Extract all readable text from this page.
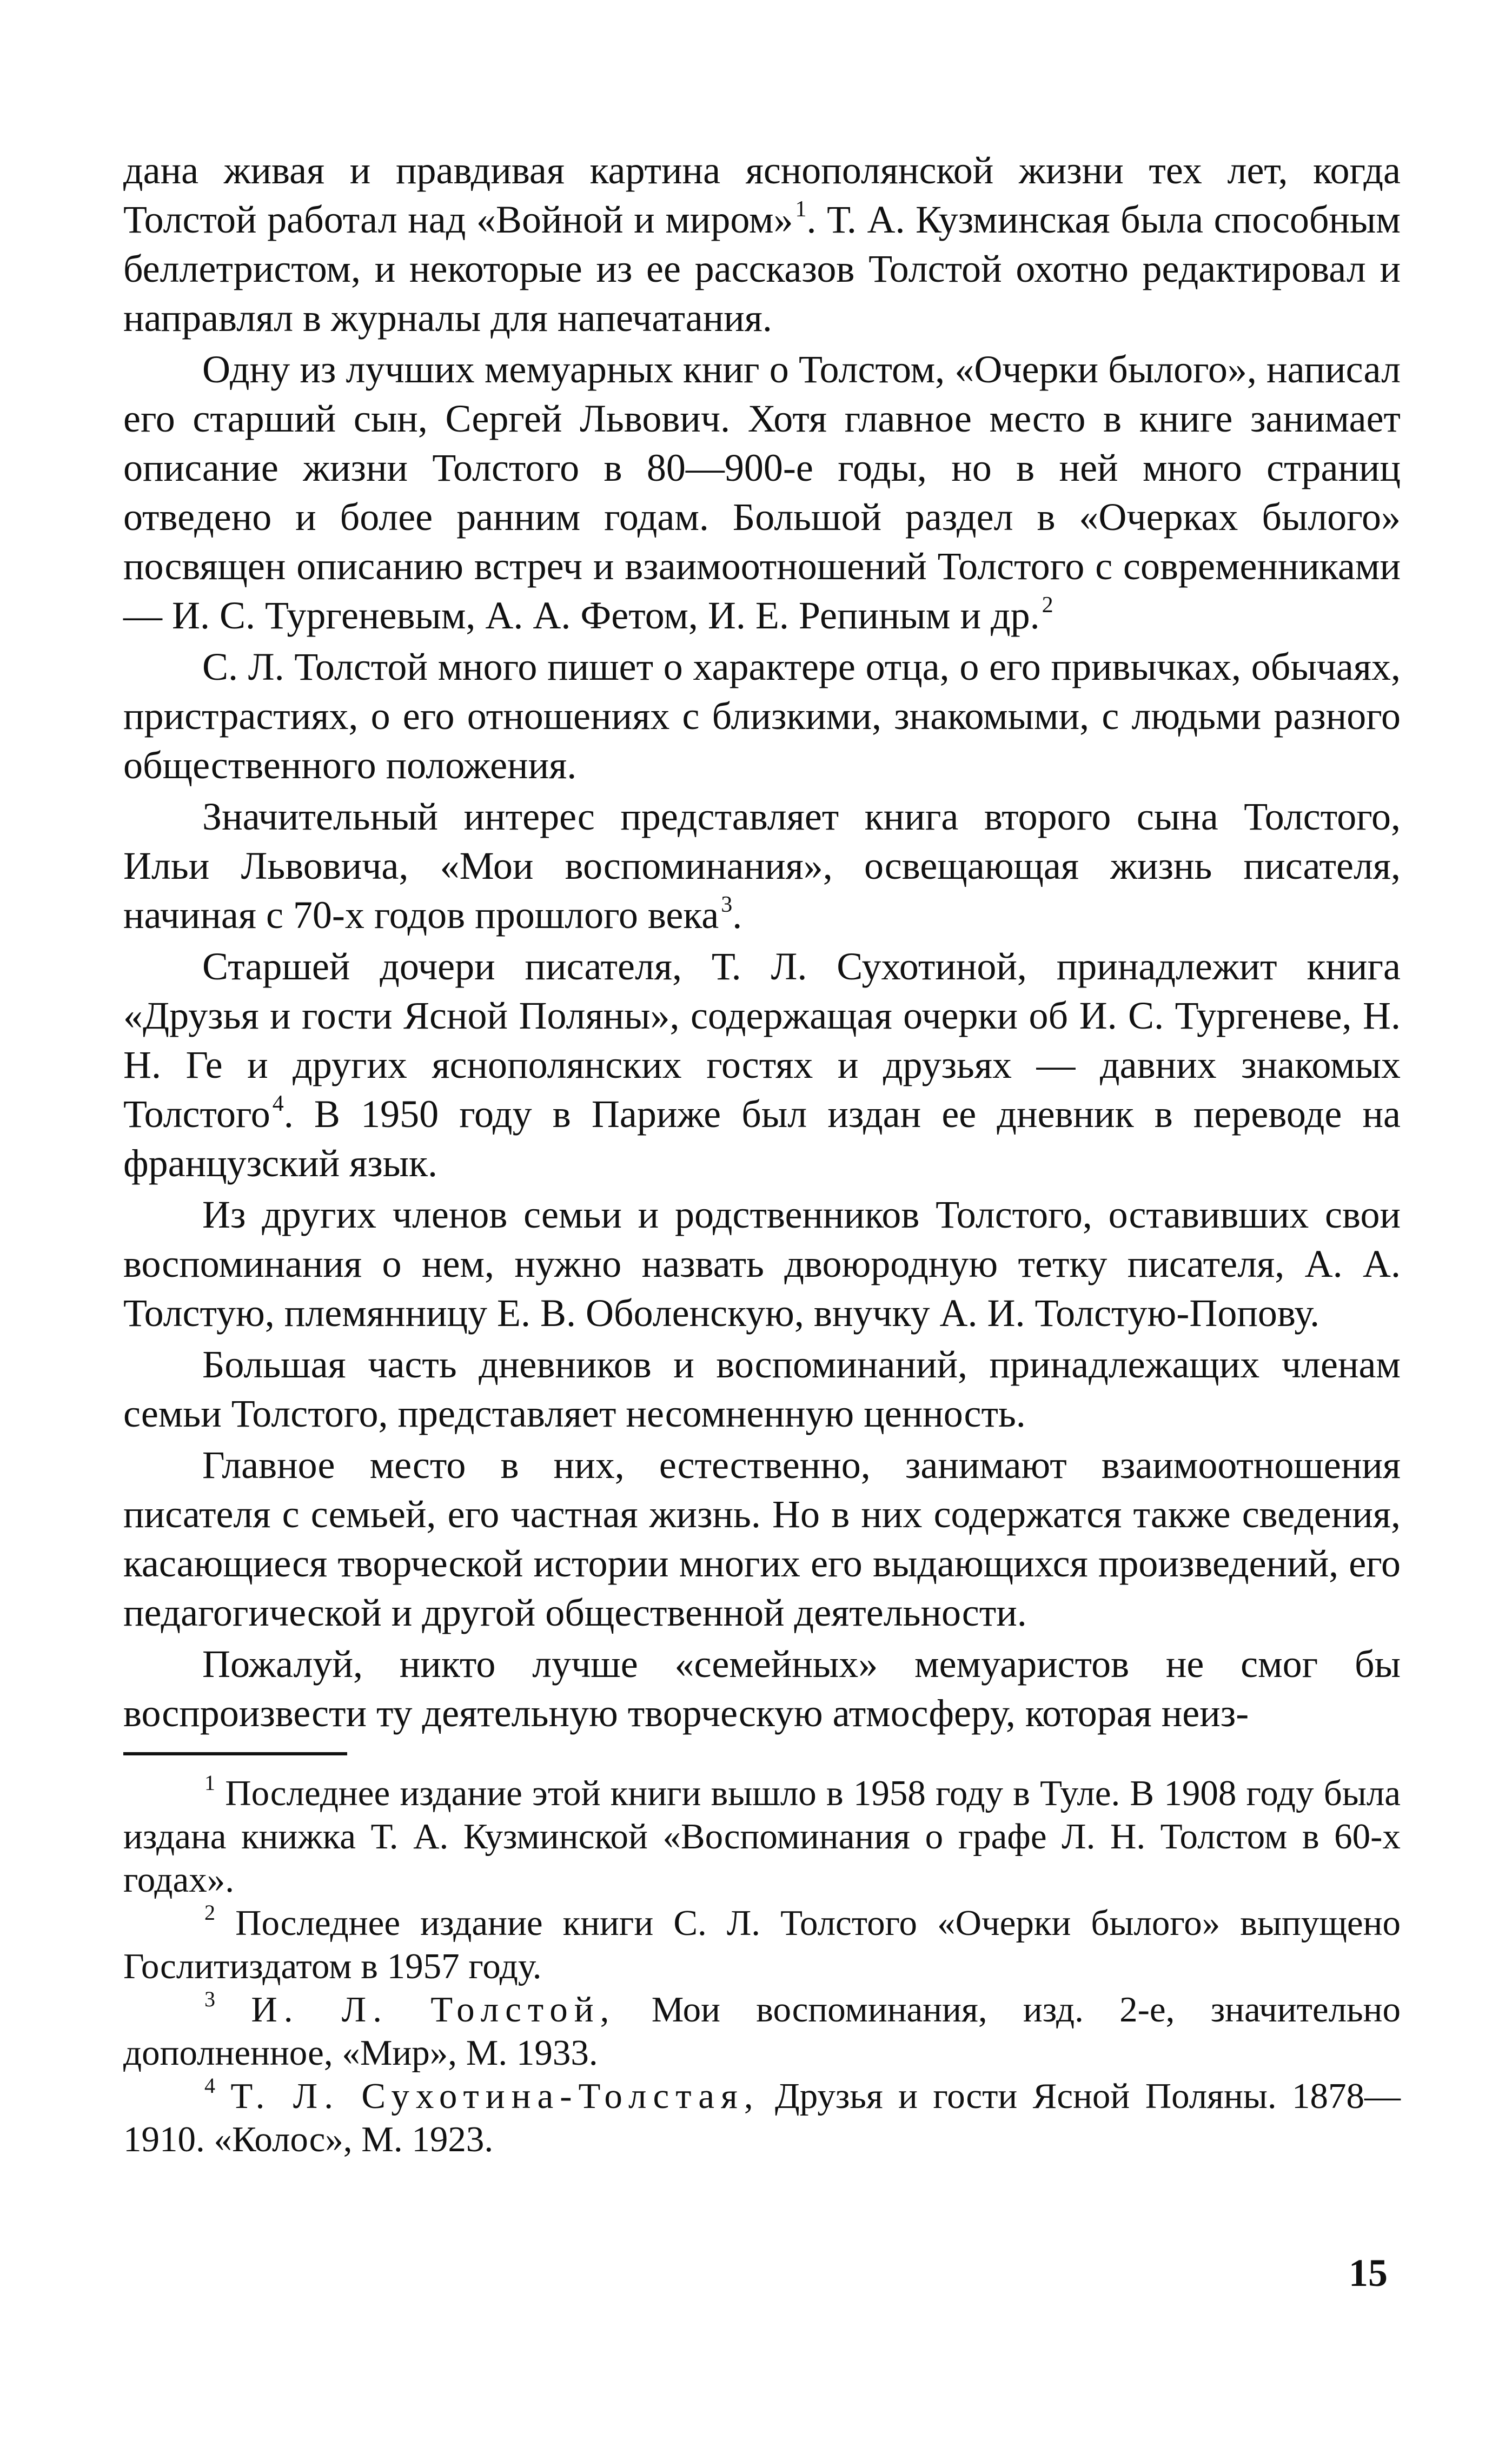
дана живая и правдивая картина яснополянской жизни тех лет, когда Толстой работал над «Войной и миром»$^1$. Т. А. Кузминская была способным беллетристом, и некоторые из ее рассказов Толстой охотно редактировал и направлял в журналы для напечатания.

Одну из лучших мемуарных книг о Толстом, «Очерки былого», написал его старший сын, Сергей Львович. Хотя главное место в книге занимает описание жизни Толстого в 80—900-е годы, но в ней много страниц отведено и более ранним годам. Большой раздел в «Очерках былого» посвящен описанию встреч и взаимоотношений Толстого с современниками — И. С. Тургеневым, А. А. Фетом, И. Е. Репиным и др.$^2$

С. Л. Толстой много пишет о характере отца, о его привычках, обычаях, пристрастиях, о его отношениях с близкими, знакомыми, с людьми разного общественного положения.

Значительный интерес представляет книга второго сына Толстого, Ильи Львовича, «Мои воспоминания», освещающая жизнь писателя, начиная с 70-х годов прошлого века$^3$.

Старшей дочери писателя, Т. Л. Сухотиной, принадлежит книга «Друзья и гости Ясной Поляны», содержащая очерки об И. С. Тургеневе, Н. Н. Ге и других яснополянских гостях и друзьях — давних знакомых Толстого$^4$. В 1950 году в Париже был издан ее дневник в переводе на французский язык.

Из других членов семьи и родственников Толстого, оставивших свои воспоминания о нем, нужно назвать двоюродную тетку писателя, А. А. Толстую, племянницу Е. В. Оболенскую, внучку А. И. Толстую-Попову.

Большая часть дневников и воспоминаний, принадлежащих членам семьи Толстого, представляет несомненную ценность.

Главное место в них, естественно, занимают взаимоотношения писателя с семьей, его частная жизнь. Но в них содержатся также сведения, касающиеся творческой истории многих его выдающихся произведений, его педагогической и другой общественной деятельности.

Пожалуй, никто лучше «семейных» мемуаристов не смог бы воспроизвести ту деятельную творческую атмосферу, которая неиз-

$^1$ Последнее издание этой книги вышло в 1958 году в Туле. В 1908 году была издана книжка Т. А. Кузминской «Воспоминания о графе Л. Н. Толстом в 60-х годах».

$^2$ Последнее издание книги С. Л. Толстого «Очерки былого» выпущено Гослитиздатом в 1957 году.

$^3$ И. Л. Толстой, Мои воспоминания, изд. 2-е, значительно дополненное, «Мир», М. 1933.

$^4$ Т. Л. Сухотина-Толстая, Друзья и гости Ясной Поляны. 1878—1910. «Колос», М. 1923.

15
